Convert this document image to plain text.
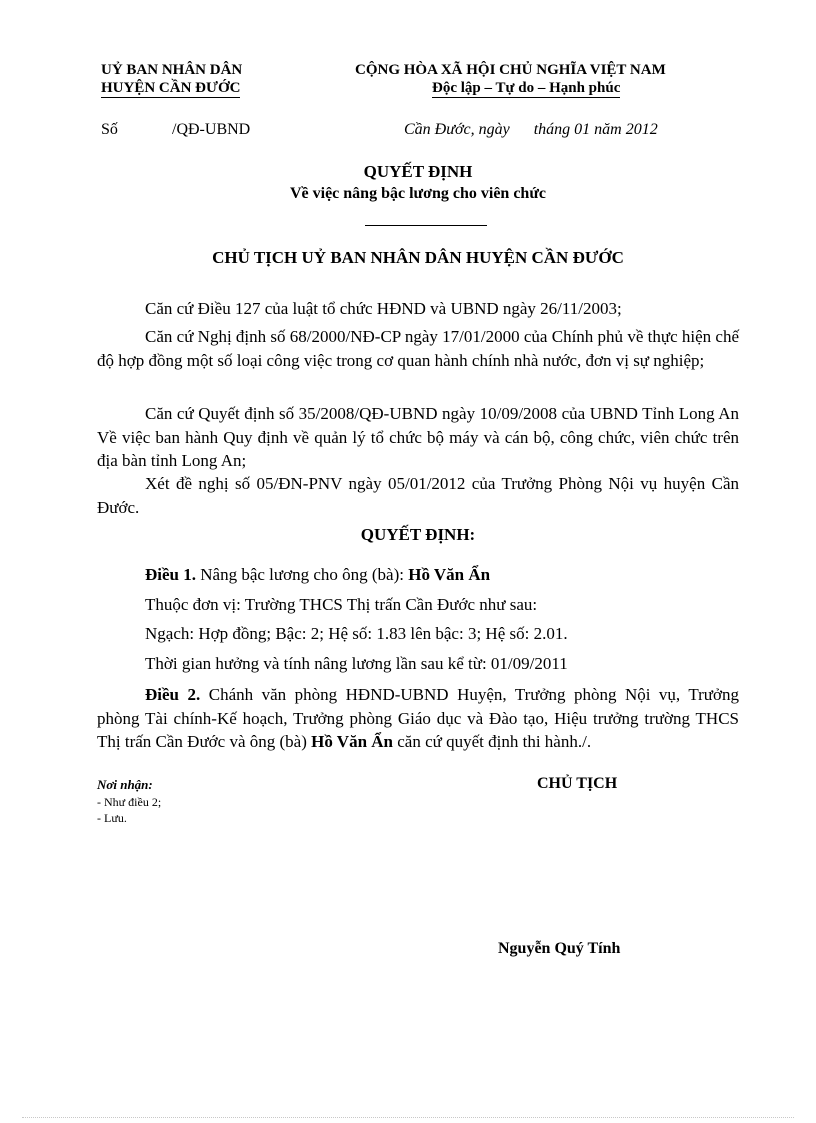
UỶ BAN NHÂN DÂN
HUYỆN CẦN ĐƯỚC
CỘNG HÒA XÃ HỘI CHỦ NGHĨA VIỆT NAM
Độc lập – Tự do – Hạnh phúc
Số	/QĐ-UBND	Cần Đước, ngày      tháng 01 năm 2012
QUYẾT ĐỊNH
Về việc nâng bậc lương cho viên chức
CHỦ TỊCH UỶ BAN NHÂN DÂN HUYỆN CẦN ĐƯỚC
Căn cứ Điều 127 của luật tổ chức HĐND và UBND ngày 26/11/2003;
Căn cứ Nghị định số 68/2000/NĐ-CP ngày 17/01/2000 của Chính phủ về thực hiện chế độ hợp đồng một số loại công việc trong cơ quan hành chính nhà nước, đơn vị sự nghiệp;
Căn cứ Quyết định số 35/2008/QĐ-UBND ngày 10/09/2008 của UBND Tỉnh Long An Về việc ban hành Quy định về quản lý tổ chức bộ máy và cán bộ, công chức, viên chức trên địa bàn tỉnh Long An;
Xét đề nghị số 05/ĐN-PNV ngày 05/01/2012 của Trưởng Phòng Nội vụ huyện Cần Đước.
QUYẾT ĐỊNH:
Điều 1. Nâng bậc lương cho ông (bà): Hồ Văn Ẩn
Thuộc đơn vị: Trường THCS Thị trấn Cần Đước như sau:
Ngạch: Hợp đồng; Bậc: 2; Hệ số: 1.83 lên bậc: 3; Hệ số: 2.01.
Thời gian hưởng và tính nâng lương lần sau kể từ: 01/09/2011
Điều 2. Chánh văn phòng HĐND-UBND Huyện, Trưởng phòng Nội vụ, Trưởng phòng Tài chính-Kế hoạch, Trưởng phòng Giáo dục và Đào tạo, Hiệu trưởng trường THCS Thị trấn Cần Đước và ông (bà) Hồ Văn Ẩn căn cứ quyết định thi hành./.
Nơi nhận:
- Như điều 2;
- Lưu.
CHỦ TỊCH
Nguyễn Quý Tính
